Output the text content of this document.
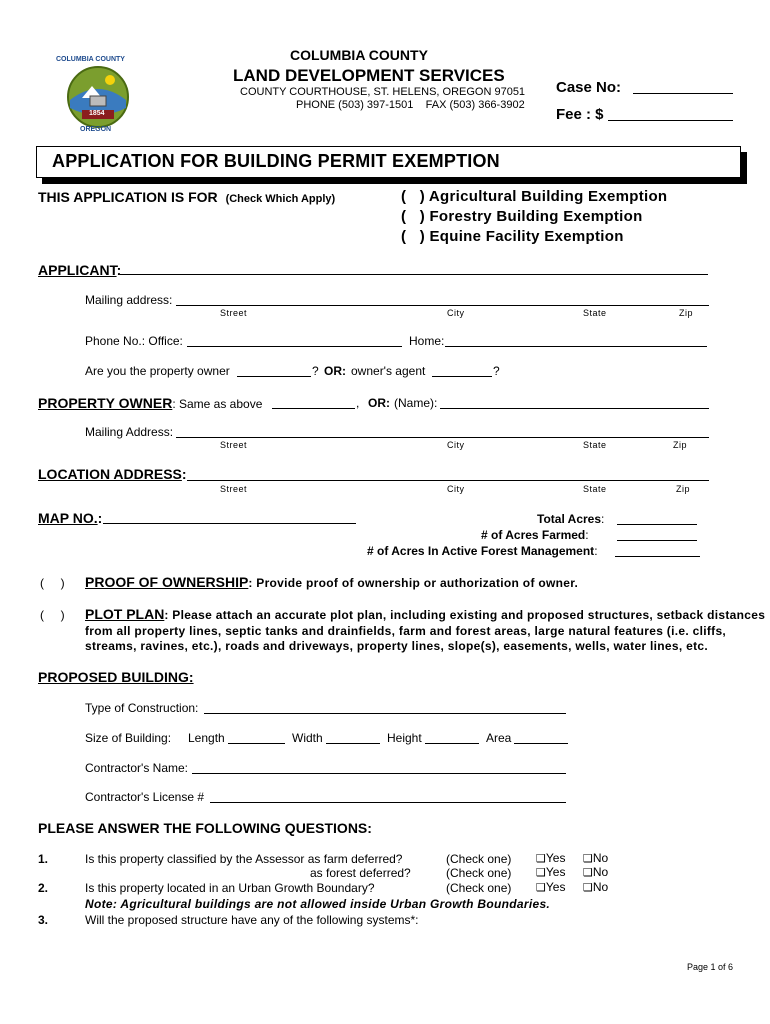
COLUMBIA COUNTY
1854
OREGON
COLUMBIA COUNTY
LAND DEVELOPMENT SERVICES
COUNTY COURTHOUSE, ST. HELENS, OREGON 97051
PHONE (503) 397-1501    FAX (503) 366-3902
Case No:
Fee : $
APPLICATION FOR BUILDING PERMIT EXEMPTION
THIS APPLICATION IS FOR (Check Which Apply)	(   ) Agricultural Building Exemption
(   ) Forestry Building Exemption
(   ) Equine Facility Exemption
APPLICANT:
Mailing address:
Street	City	State	Zip
Phone No.: Office:	Home:
Are you the property owner	? OR: owner's agent	?
PROPERTY OWNER: Same as above	, OR: (Name):
Mailing Address:
Street	City	State	Zip
LOCATION ADDRESS:
Street	City	State	Zip
MAP NO.:	Total Acres:
# of Acres Farmed:
# of Acres In Active Forest Management:
(     ) PROOF OF OWNERSHIP: Provide proof of ownership or authorization of owner.
(     ) PLOT PLAN: Please attach an accurate plot plan, including existing and proposed structures, setback distances
from all property lines, septic tanks and drainfields, farm and forest areas, large natural features (i.e. cliffs,
streams, ravines, etc.), roads and driveways, property lines, slope(s), easements, wells, water lines, etc.
PROPOSED BUILDING:
Type of Construction:
Size of Building: Length	Width	Height	Area
Contractor's Name:
Contractor's License #
PLEASE ANSWER THE FOLLOWING QUESTIONS:
1.	Is this property classified by the Assessor as farm deferred?	(Check one) ❑Yes ❑No
as forest deferred?	(Check one) ❑Yes ❑No
2.	Is this property located in an Urban Growth Boundary?	(Check one) ❑Yes ❑No
Note: Agricultural buildings are not allowed inside Urban Growth Boundaries.
3.	Will the proposed structure have any of the following systems*:
Page 1 of 6
